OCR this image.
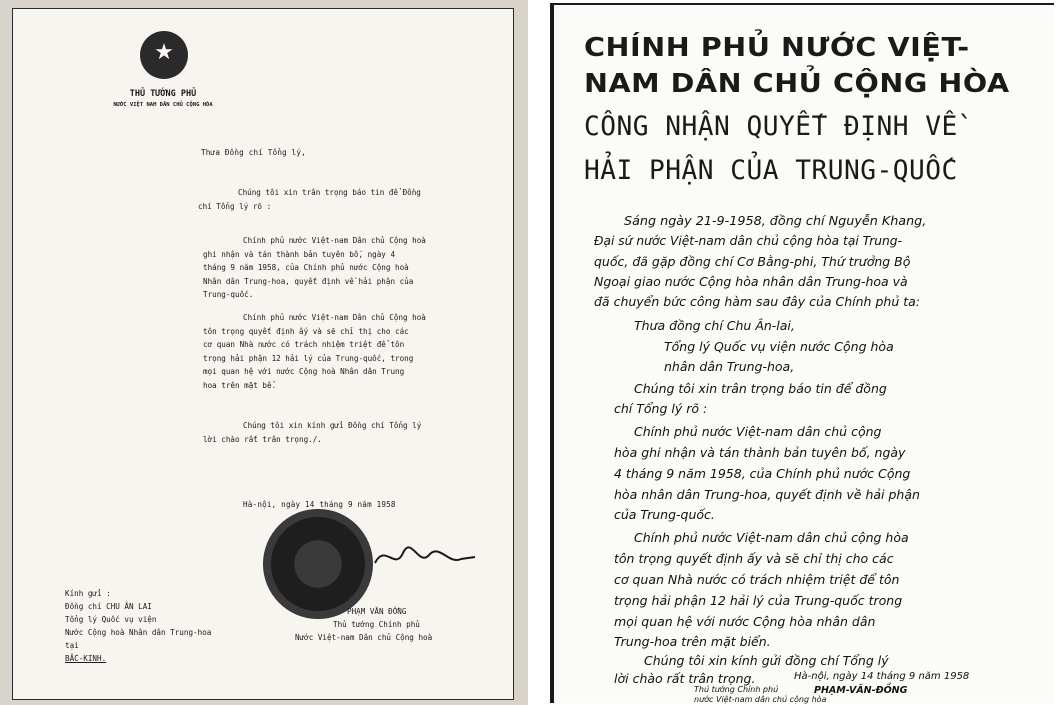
★
THỦ TƯỚNG PHỦ
NƯỚC VIỆT NAM DÂN CHỦ CỘNG HÒA
Thưa Đồng chí Tổng lý,
Chúng tôi xin trân trọng báo tin để Đồng
chí Tổng lý rõ :
Chính phủ nước Việt-nam Dân chủ Cộng hoà
ghi nhận và tán thành bản tuyên bố, ngày 4
tháng 9 năm 1958, của Chính phủ nước Cộng hoà
Nhân dân Trung-hoa, quyết định về hải phận của
Trung-quốc.
Chính phủ nước Việt-nam Dân chủ Cộng hoà
tôn trọng quyết định ấy và sẽ chỉ thị cho các
cơ quan Nhà nước có trách nhiệm triệt để tôn
trọng hải phận 12 hải lý của Trung-quốc, trong
mọi quan hệ với nước Cộng hoà Nhân dân Trung
hoa trên mặt bể.
Chúng tôi xin kính gửi Đồng chí Tổng lý
lời chào rất trân trọng./.
Hà-nội, ngày 14 tháng 9 năm 1958
Kính gửi :
Đồng chí CHU ÂN LAI
Tổng lý Quốc vụ viện
Nước Cộng hoà Nhân dân Trung-hoa
tại
BẮC-KINH.
PHẠM VĂN ĐỒNG
Thủ tướng Chính phủ
Nước Việt-nam Dân chủ Cộng hoà
CHÍNH PHỦ NƯỚC VIỆT-
NAM DÂN CHỦ CỘNG HÒA
CÔNG NHẬN QUYẾT ĐỊNH VỀ
HẢI PHẬN CỦA TRUNG-QUỐC
Sáng ngày 21-9-1958, đồng chí Nguyễn Khang,
Đại sứ nước Việt-nam dân chủ cộng hòa tại Trung-
quốc, đã gặp đồng chí Cơ Bằng-phi, Thứ trưởng Bộ
Ngoại giao nước Cộng hòa nhân dân Trung-hoa và
đã chuyển bức công hàm sau đây của Chính phủ ta:
Thưa đồng chí Chu Ân-lai,
Tổng lý Quốc vụ viện nước Cộng hòa
nhân dân Trung-hoa,
Chúng tôi xin trân trọng báo tin để đồng
chí Tổng lý rõ :
Chính phủ nước Việt-nam dân chủ cộng
hòa ghi nhận và tán thành bản tuyên bố, ngày
4 tháng 9 năm 1958, của Chính phủ nước Cộng
hòa nhân dân Trung-hoa, quyết định về hải phận
của Trung-quốc.
Chính phủ nước Việt-nam dân chủ cộng hòa
tôn trọng quyết định ấy và sẽ chỉ thị cho các
cơ quan Nhà nước có trách nhiệm triệt để tôn
trọng hải phận 12 hải lý của Trung-quốc trong
mọi quan hệ với nước Cộng hòa nhân dân
Trung-hoa trên mặt biển.
Chúng tôi xin kính gửi đồng chí Tổng lý
lời chào rất trân trọng.	Hà-nội, ngày 14 tháng 9 năm 1958
PHẠM-VĂN-ĐỒNG
Thủ tướng Chính phủ
nước Việt-nam dân chủ cộng hòa
